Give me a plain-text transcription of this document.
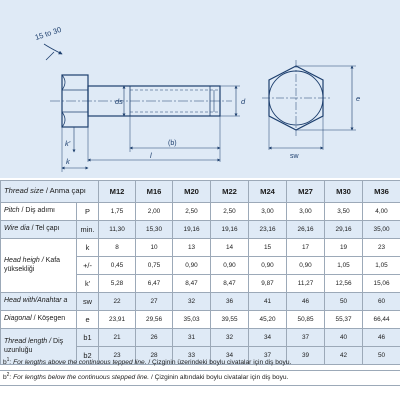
15 to 30
ds	d
(b)
l
k'
k
e
sw
Thread size / Anma çapı		M12	M16	M20	M22	M24	M27	M30	M36
Pitch / Diş adımı	P	1,75	2,00	2,50	2,50	3,00	3,00	3,50	4,00
Wire dia / Tel çapı	min.	11,30	15,30	19,16	19,16	23,16	26,16	29,16	35,00
Head heigh / Kafa yüksekliği	k	8	10	13	14	15	17	19	23
	+/-	0,45	0,75	0,90	0,90	0,90	0,90	1,05	1,05
	k'	5,28	6,47	8,47	8,47	9,87	11,27	12,56	15,06
Head with/Anahtar a	sw	22	27	32	36	41	46	50	60
Diagonal / Köşegen	e	23,91	29,56	35,03	39,55	45,20	50,85	55,37	66,44
Thread length / Diş uzunluğu	b1	21	26	31	32	34	37	40	46
	b2	23	28	33	34	37	39	42	50
$b^1$: For lengths above the continuous tepped line. / Çizginin üzerindeki boylu civatalar için diş boyu.
$b^2$: For lengths below the continuous stepped line. / Çizginin altındaki boylu civatalar için diş boyu.
